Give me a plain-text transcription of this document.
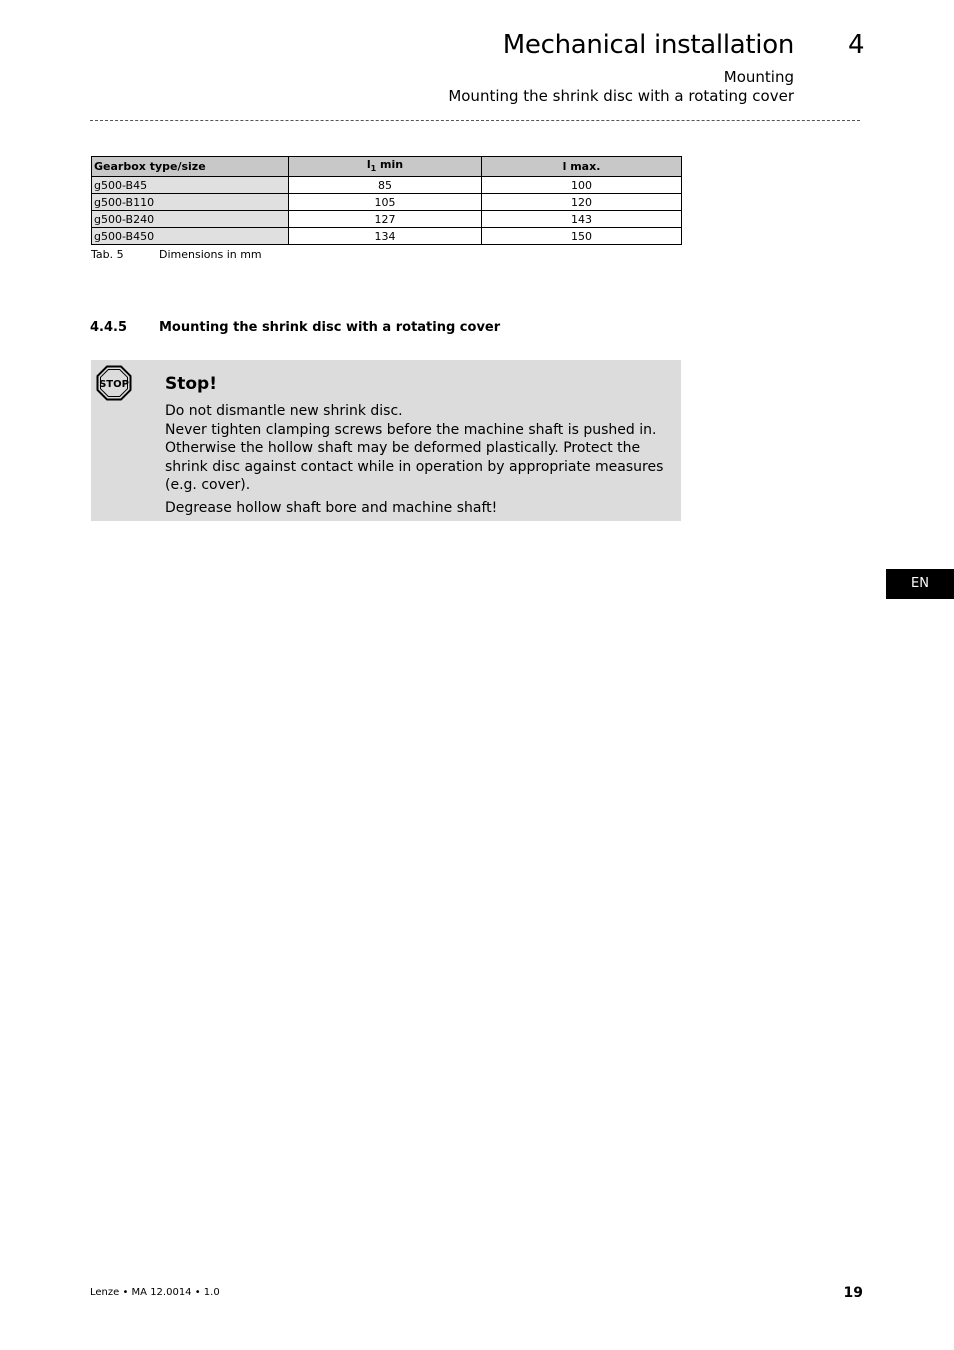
Mechanical installation 4
Mounting
Mounting the shrink disc with a rotating cover
Gearbox type/size	$l_1$ min	l max.
g500-B45	85	100
g500-B110	105	120
g500-B240	127	143
g500-B450	134	150
Tab. 5	Dimensions in mm
4.4.5 Mounting the shrink disc with a rotating cover
STOP Stop!

Do not dismantle new shrink disc.

Never tighten clamping screws before the machine shaft is pushed in. Otherwise the hollow shaft may be deformed plastically. Protect the shrink disc against contact while in operation by appropriate measures (e.g. cover).

Degrease hollow shaft bore and machine shaft!

EN
Lenze • MA 12.0014 • 1.0	19
